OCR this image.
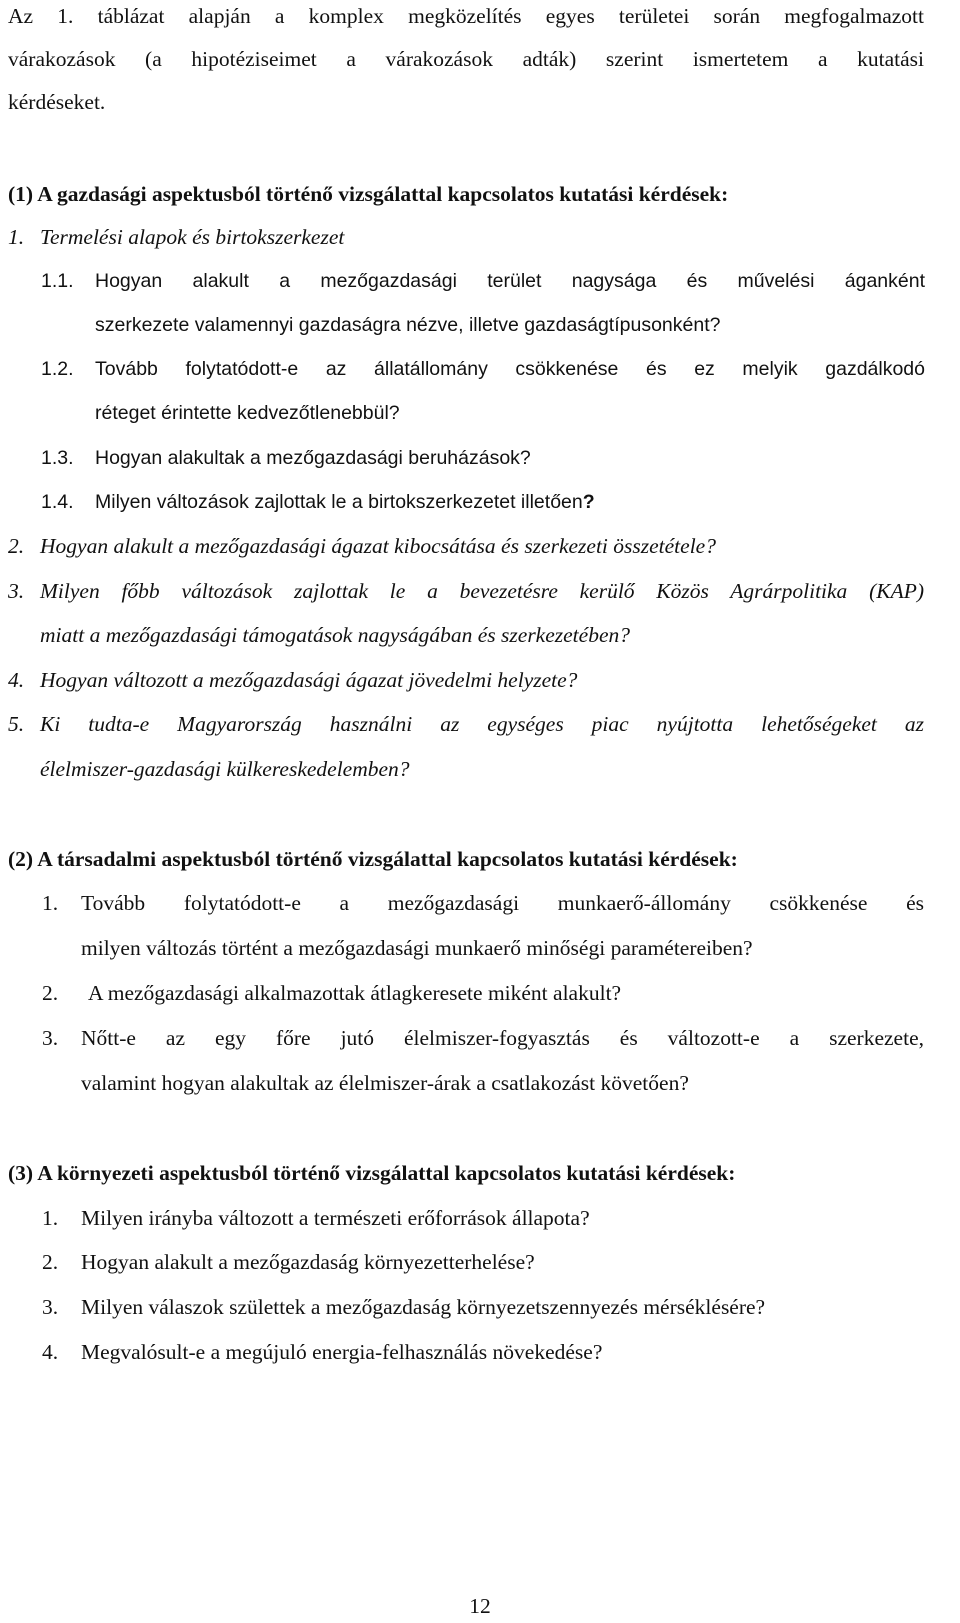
Az 1. táblázat alapján a komplex megközelítés egyes területei során megfogalmazott
várakozások (a hipotéziseimet a várakozások adták) szerint ismertetem a kutatási
kérdéseket.
(1) A gazdasági aspektusból történő vizsgálattal kapcsolatos kutatási kérdések:
1. Termelési alapok és birtokszerkezet
1.1. Hogyan alakult a mezőgazdasági terület nagysága és művelési áganként
szerkezete valamennyi gazdaságra nézve, illetve gazdaságtípusonként?
1.2. Tovább folytatódott-e az állatállomány csökkenése és ez melyik gazdálkodó
réteget érintette kedvezőtlenebbül?
1.3. Hogyan alakultak a mezőgazdasági beruházások?
1.4. Milyen változások zajlottak le a birtokszerkezetet illetően?
2. Hogyan alakult a mezőgazdasági ágazat kibocsátása és szerkezeti összetétele?
3. Milyen főbb változások zajlottak le a bevezetésre kerülő Közös Agrárpolitika (KAP)
miatt a mezőgazdasági támogatások nagyságában és szerkezetében?
4. Hogyan változott a mezőgazdasági ágazat jövedelmi helyzete?
5. Ki tudta-e Magyarország használni az egységes piac nyújtotta lehetőségeket az
élelmiszer-gazdasági külkereskedelemben?
(2) A társadalmi aspektusból történő vizsgálattal kapcsolatos kutatási kérdések:
1. Tovább folytatódott-e a mezőgazdasági munkaerő-állomány csökkenése és
milyen változás történt a mezőgazdasági munkaerő minőségi paramétereiben?
2. A mezőgazdasági alkalmazottak átlagkeresete miként alakult?
3. Nőtt-e az egy főre jutó élelmiszer-fogyasztás és változott-e a szerkezete,
valamint hogyan alakultak az élelmiszer-árak a csatlakozást követően?
(3) A környezeti aspektusból történő vizsgálattal kapcsolatos kutatási kérdések:
1. Milyen irányba változott a természeti erőforrások állapota?
2. Hogyan alakult a mezőgazdaság környezetterhelése?
3. Milyen válaszok születtek a mezőgazdaság környezetszennyezés mérséklésére?
4. Megvalósult-e a megújuló energia-felhasználás növekedése?
12
